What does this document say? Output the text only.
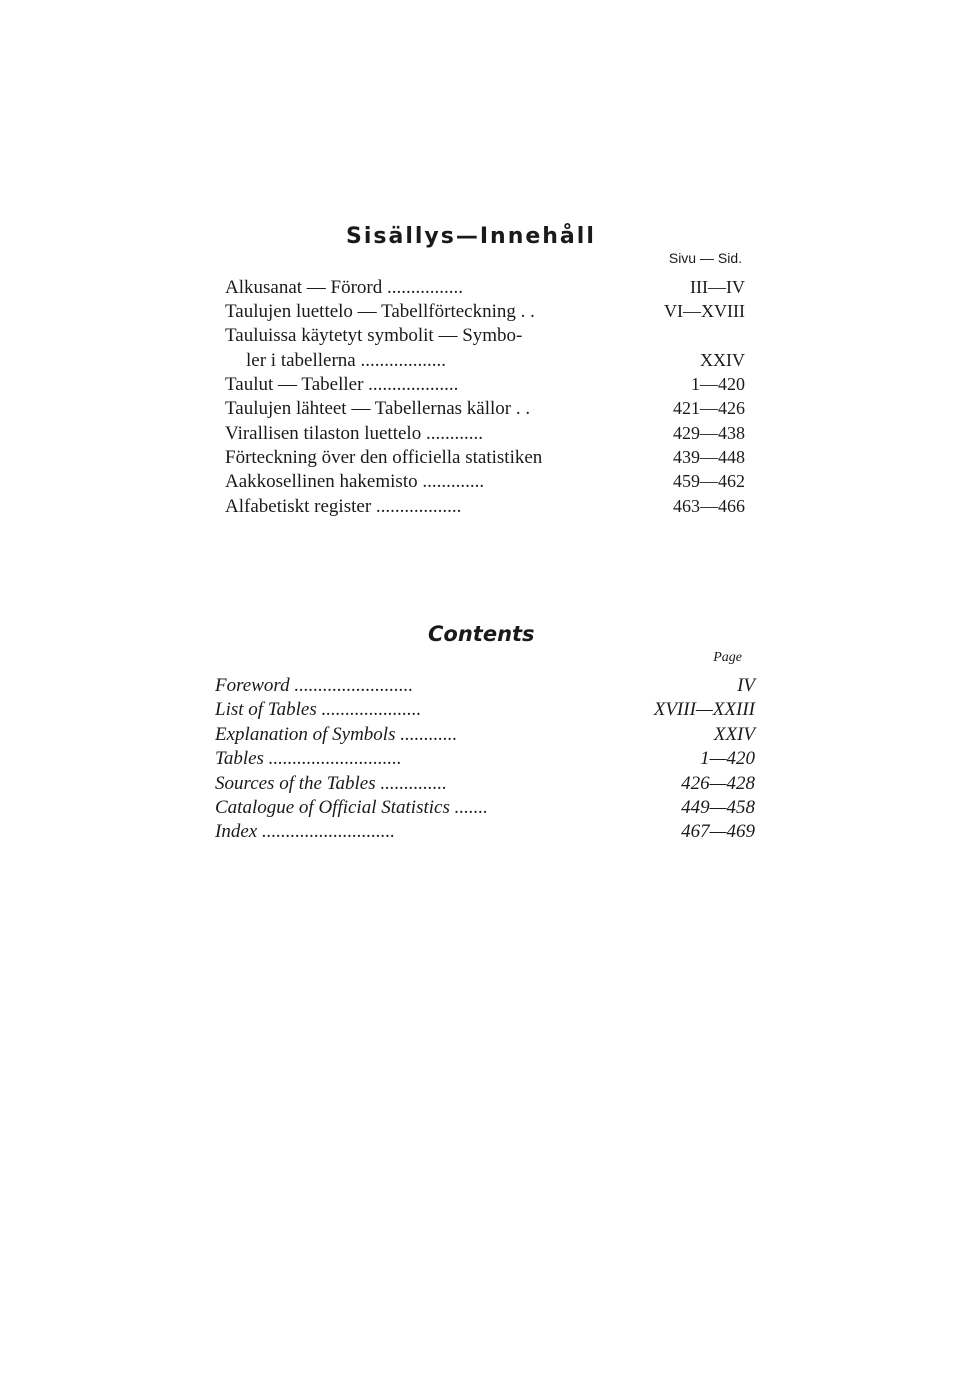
Sisällys—Innehåll
Sivu — Sid.
Alkusanat — Förord ................	III—IV
Taulujen luettelo — Tabellförteckning . .	VI—XVIII
Tauluissa käytetyt symbolit — Symbo-
ler i tabellerna ..................	XXIV
Taulut — Tabeller ...................	1—420
Taulujen lähteet — Tabellernas källor . .	421—426
Virallisen tilaston luettelo ............	429—438
Förteckning över den officiella statistiken	439—448
Aakkosellinen hakemisto .............	459—462
Alfabetiskt register ..................	463—466
Contents
Page
Foreword .........................	IV
List of Tables .....................	XVIII—XXIII
Explanation of Symbols ............	XXIV
Tables ............................	1—420
Sources of the Tables ..............	426—428
Catalogue of Official Statistics .......	449—458
Index ............................	467—469
